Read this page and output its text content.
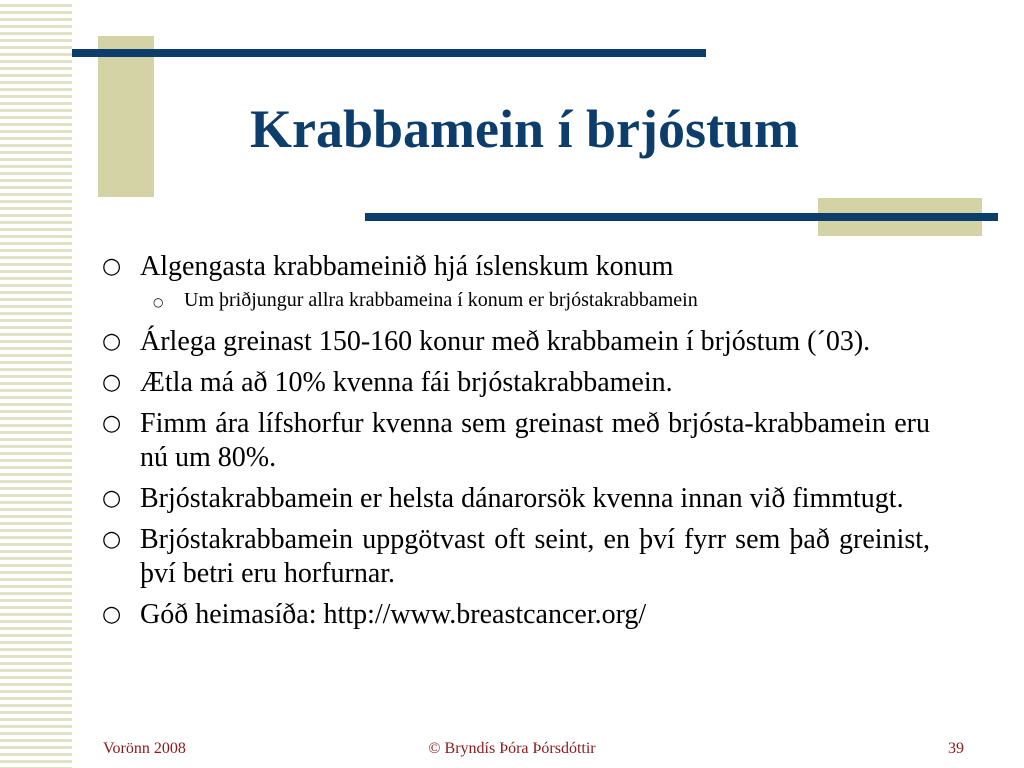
Krabbamein í brjóstum
○ Algengasta krabbameinið hjá íslenskum konum
○ Um þriðjungur allra krabbameina í konum er brjóstakrabbamein
○ Árlega greinast 150-160 konur með krabbamein í brjóstum (´03).
○ Ætla má að 10% kvenna fái brjóstakrabbamein.
○ Fimm ára lífshorfur kvenna sem greinast með brjósta-krabbamein eru nú um 80%.
○ Brjóstakrabbamein er helsta dánarorsök kvenna innan við fimmtugt.
○ Brjóstakrabbamein uppgötvast oft seint, en því fyrr sem það greinist, því betri eru horfurnar.
○ Góð heimasíða: http://www.breastcancer.org/
Vorönn 2008	© Bryndís Þóra Þórsdóttir	39
